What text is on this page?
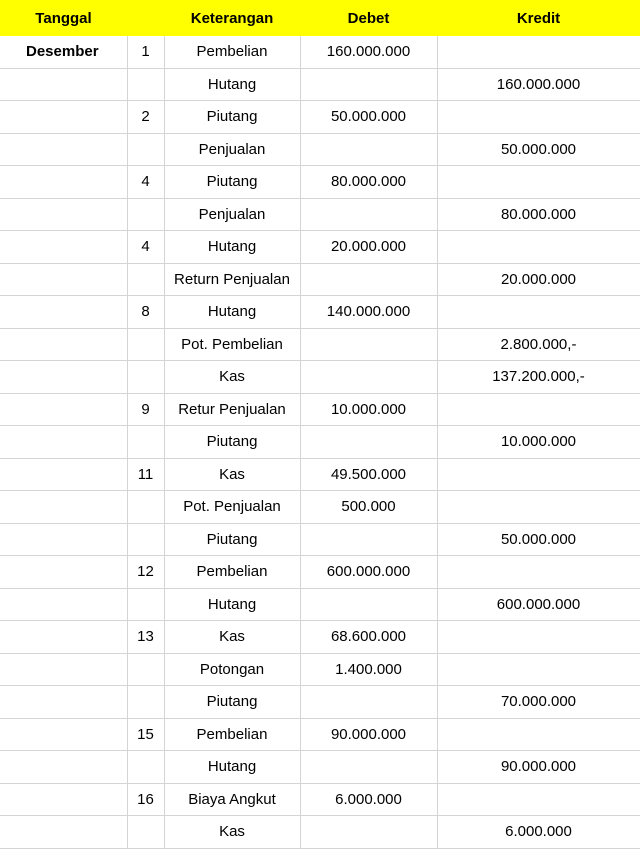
Tanggal		Keterangan	Debet	Kredit
Desember	1	Pembelian	160.000.000	
		Hutang		160.000.000
	2	Piutang	50.000.000	
		Penjualan		50.000.000
	4	Piutang	80.000.000	
		Penjualan		80.000.000
	4	Hutang	20.000.000	
		Return Penjualan		20.000.000
	8	Hutang	140.000.000	
		Pot. Pembelian		2.800.000,-
		Kas		137.200.000,-
	9	Retur Penjualan	10.000.000	
		Piutang		10.000.000
	11	Kas	49.500.000	
		Pot. Penjualan	500.000	
		Piutang		50.000.000
	12	Pembelian	600.000.000	
		Hutang		600.000.000
	13	Kas	68.600.000	
		Potongan	1.400.000	
		Piutang		70.000.000
	15	Pembelian	90.000.000	
		Hutang		90.000.000
	16	Biaya Angkut	6.000.000	
		Kas		6.000.000
